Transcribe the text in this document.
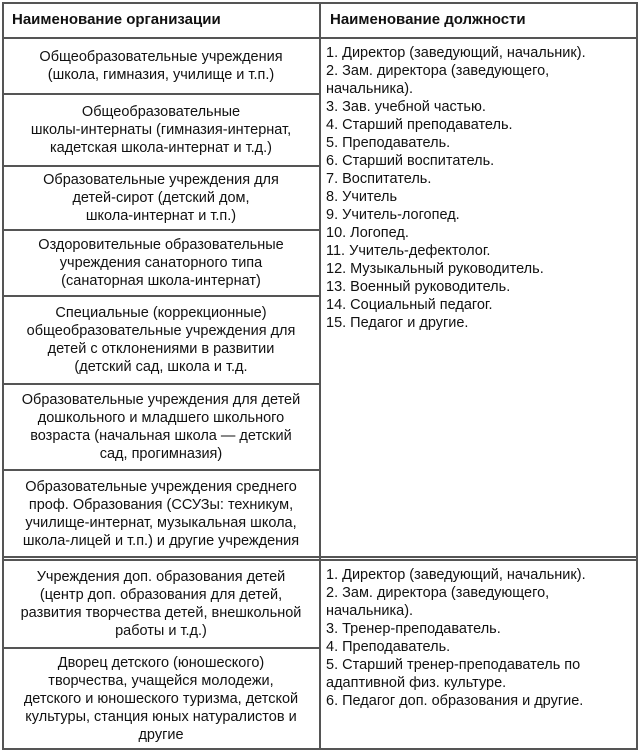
Наименование организации	Наименование должности
Общеобразовательные учреждения
(школа, гимназия, училище и т.п.)
Общеобразовательные
школы-интернаты (гимназия-интернат,
кадетская школа-интернат и т.д.)
Образовательные учреждения для
детей-сирот (детский дом,
школа-интернат и т.п.)
Оздоровительные образовательные
учреждения санаторного типа
(санаторная школа-интернат)
Специальные (коррекционные)
общеобразовательные учреждения для
детей с отклонениями в развитии
(детский сад, школа и т.д.
Образовательные учреждения для детей
дошкольного и младшего школьного
возраста (начальная школа — детский
сад, прогимназия)
Образовательные учреждения среднего
проф. Образования (ССУЗы: техникум,
училище-интернат, музыкальная школа,
школа-лицей и т.п.) и другие учреждения
1. Директор (заведующий, начальник).
2. Зам. директора (заведующего,
начальника).
3. Зав. учебной частью.
4. Старший преподаватель.
5. Преподаватель.
6. Старший воспитатель.
7. Воспитатель.
8. Учитель
9. Учитель-логопед.
10. Логопед.
11. Учитель-дефектолог.
12. Музыкальный руководитель.
13. Военный руководитель.
14. Социальный педагог.
15. Педагог и другие.
Учреждения доп. образования детей
(центр доп. образования для детей,
развития творчества детей, внешкольной
работы и т.д.)
Дворец детского (юношеского)
творчества, учащейся молодежи,
детского и юношеского туризма, детской
культуры, станция юных натуралистов и
другие
1. Директор (заведующий, начальник).
2. Зам. директора (заведующего,
начальника).
3. Тренер-преподаватель.
4. Преподаватель.
5. Старший тренер-преподаватель по
адаптивной физ. культуре.
6. Педагог доп. образования и другие.
